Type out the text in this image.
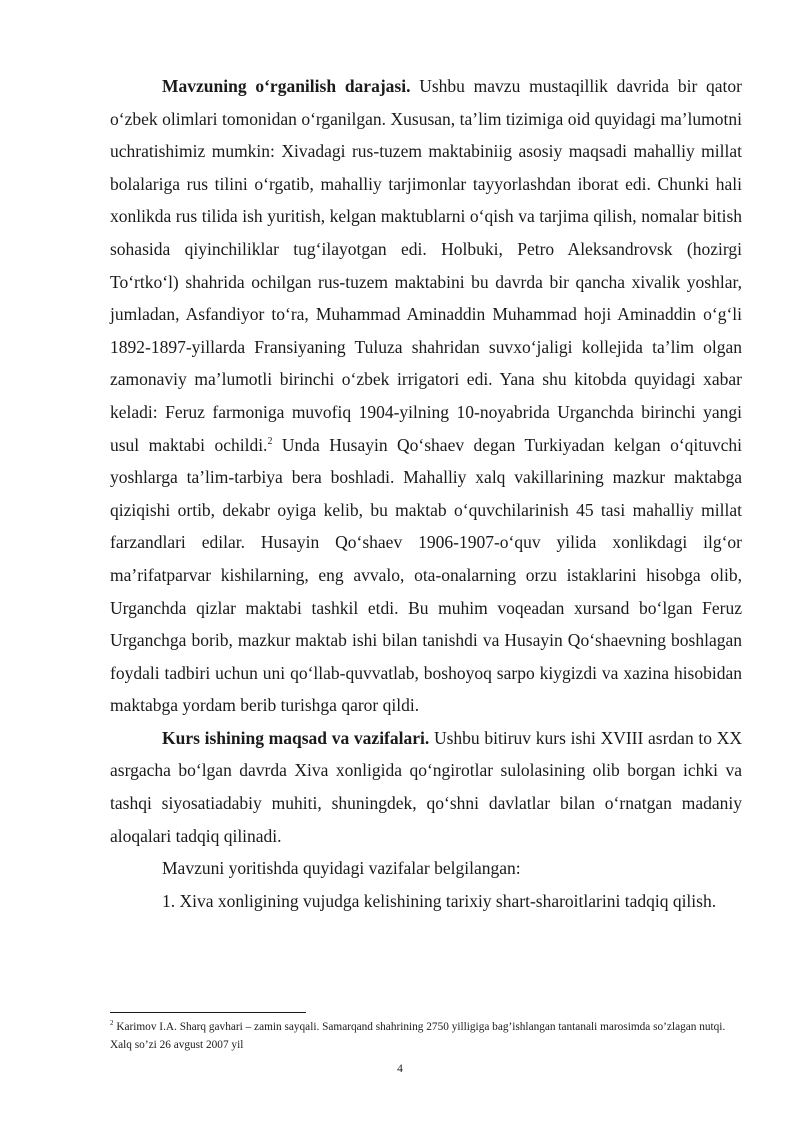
Mavzuning o‘rganilish darajasi. Ushbu mavzu mustaqillik davrida bir qator o‘zbek olimlari tomonidan o‘rganilgan. Xususan, ta’lim tizimiga oid quyidagi ma’lumotni uchratishimiz mumkin: Xivadagi rus-tuzem maktabiniig asosiy maqsadi mahalliy millat bolalariga rus tilini o‘rgatib, mahalliy tarjimonlar tayyorlashdan iborat edi. Chunki hali xonlikda rus tilida ish yuritish, kelgan maktublarni o‘qish va tarjima qilish, nomalar bitish sohasida qiyinchiliklar tug‘ilayotgan edi. Holbuki, Petro Aleksandrovsk (hozirgi To‘rtko‘l) shahrida ochilgan rus-tuzem maktabini bu davrda bir qancha xivalik yoshlar, jumladan, Asfandiyor to‘ra, Muhammad Aminaddin Muhammad hoji Aminaddin o‘g‘li 1892-1897-yillarda Fransiyaning Tuluza shahridan suvxo‘jaligi kollejida ta’lim olgan zamonaviy ma’lumotli birinchi o‘zbek irrigatori edi. Yana shu kitobda quyidagi xabar keladi: Feruz farmoniga muvofiq 1904-yilning 10-noyabrida Urganchda birinchi yangi usul maktabi ochildi.$^2$ Unda Husayin Qo‘shaev degan Turkiyadan kelgan o‘qituvchi yoshlarga ta’lim-tarbiya bera boshladi. Mahalliy xalq vakillarining mazkur maktabga qiziqishi ortib, dekabr oyiga kelib, bu maktab o‘quvchilarinish 45 tasi mahalliy millat farzandlari edilar. Husayin Qo‘shaev 1906-1907-o‘quv yilida xonlikdagi ilg‘or ma’rifatparvar kishilarning, eng avvalo, ota-onalarning orzu istaklarini hisobga olib, Urganchda qizlar maktabi tashkil etdi. Bu muhim voqeadan xursand bo‘lgan Feruz Urganchga borib, mazkur maktab ishi bilan tanishdi va Husayin Qo‘shaevning boshlagan foydali tadbiri uchun uni qo‘llab-quvvatlab, boshoyoq sarpo kiygizdi va xazina hisobidan maktabga yordam berib turishga qaror qildi.

Kurs ishining maqsad va vazifalari. Ushbu bitiruv kurs ishi XVIII asrdan to XX asrgacha bo‘lgan davrda Xiva xonligida qo‘ngirotlar sulolasining olib borgan ichki va tashqi siyosatiadabiy muhiti, shuningdek, qo‘shni davlatlar bilan o‘rnatgan madaniy aloqalari tadqiq qilinadi.

Mavzuni yoritishda quyidagi vazifalar belgilangan:

1. Xiva xonligining vujudga kelishining tarixiy shart-sharoitlarini tadqiq qilish.

$^2$ Karimov I.A. Sharq gavhari – zamin sayqali. Samarqand shahrining 2750 yilligiga bag’ishlangan tantanali marosimda so’zlagan nutqi. Xalq so’zi 26 avgust 2007 yil
4
